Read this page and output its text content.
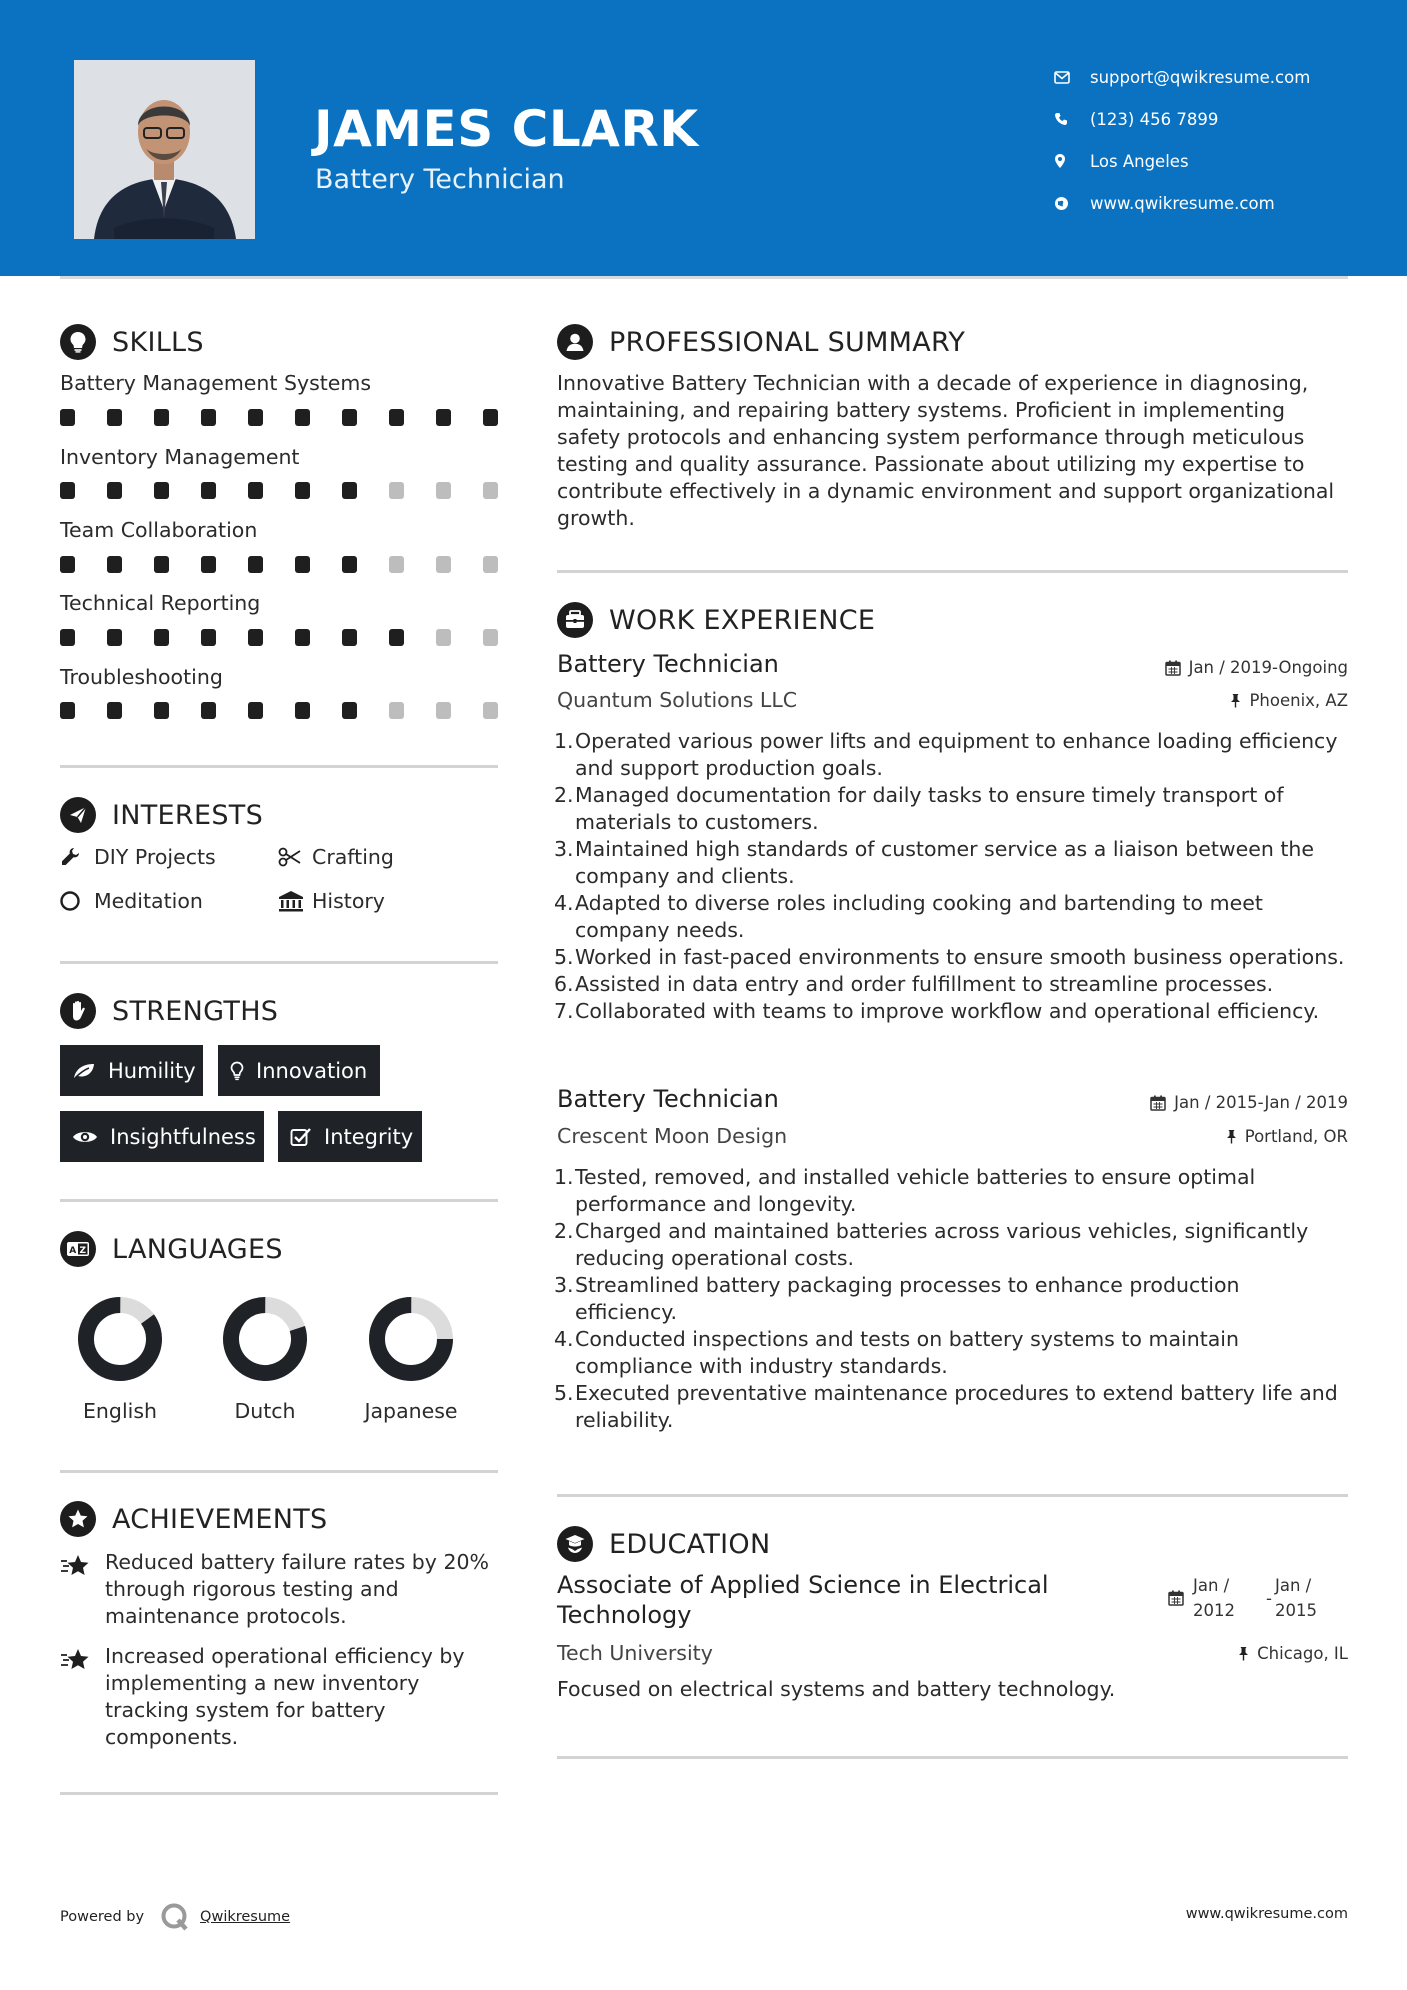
JAMES CLARK
Battery Technician
support@qwikresume.com
(123) 456 7899
Los Angeles
www.qwikresume.com
SKILLS
Battery Management Systems
Inventory Management
Team Collaboration
Technical Reporting
Troubleshooting
INTERESTS
DIY Projects	Crafting
Meditation	History
STRENGTHS
Humility	Innovation
Insightfulness	Integrity
A Z LANGUAGES
English	Dutch	Japanese
ACHIEVEMENTS
Reduced battery failure rates by 20% through rigorous testing and maintenance protocols.
Increased operational efficiency by implementing a new inventory tracking system for battery components.
PROFESSIONAL SUMMARY
Innovative Battery Technician with a decade of experience in diagnosing, maintaining, and repairing battery systems. Proficient in implementing safety protocols and enhancing system performance through meticulous testing and quality assurance. Passionate about utilizing my expertise to contribute effectively in a dynamic environment and support organizational growth.
WORK EXPERIENCE
Battery Technician	Jan / 2019-Ongoing
Quantum Solutions LLC	Phoenix, AZ
1. Operated various power lifts and equipment to enhance loading efficiency and support production goals.
2. Managed documentation for daily tasks to ensure timely transport of materials to customers.
3. Maintained high standards of customer service as a liaison between the company and clients.
4. Adapted to diverse roles including cooking and bartending to meet company needs.
5. Worked in fast-paced environments to ensure smooth business operations.
6. Assisted in data entry and order fulfillment to streamline processes.
7. Collaborated with teams to improve workflow and operational efficiency.
Battery Technician	Jan / 2015-Jan / 2019
Crescent Moon Design	Portland, OR
1. Tested, removed, and installed vehicle batteries to ensure optimal performance and longevity.
2. Charged and maintained batteries across various vehicles, significantly reducing operational costs.
3. Streamlined battery packaging processes to enhance production efficiency.
4. Conducted inspections and tests on battery systems to maintain compliance with industry standards.
5. Executed preventative maintenance procedures to extend battery life and reliability.
EDUCATION
Associate of Applied Science in Electrical Technology
Jan /
2012
-
Jan /
2015
Tech University	Chicago, IL
Focused on electrical systems and battery technology.
Powered by	Qwikresume	www.qwikresume.com
